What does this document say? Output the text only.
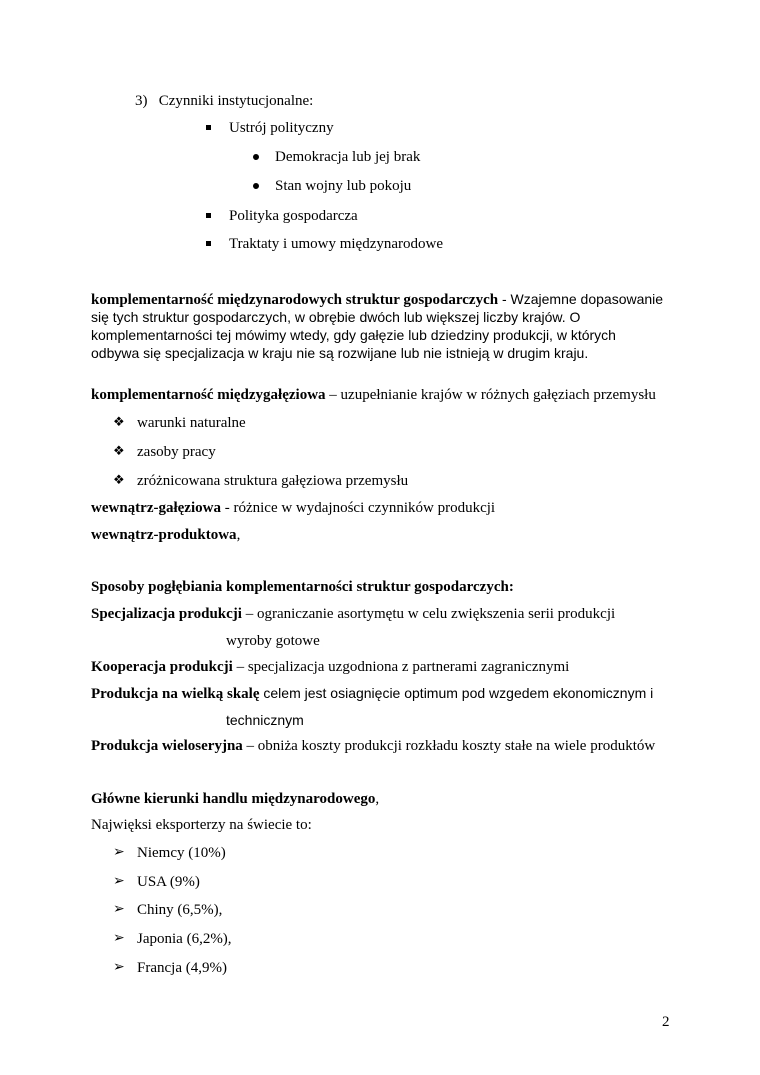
3) Czynniki instytucjonalne:
Ustrój polityczny
Demokracja lub jej brak
Stan wojny lub pokoju
Polityka gospodarcza
Traktaty i umowy międzynarodowe
komplementarność międzynarodowych struktur gospodarczych - Wzajemne dopasowanie
się tych struktur gospodarczych, w obrębie dwóch lub większej liczby krajów. O
komplementarności tej mówimy wtedy, gdy gałęzie lub dziedziny produkcji, w których
odbywa się specjalizacja w kraju nie są rozwijane lub nie istnieją w drugim kraju.
komplementarność międzygałęziowa – uzupełnianie krajów w różnych gałęziach przemysłu
❖ warunki naturalne
❖ zasoby pracy
❖ zróżnicowana struktura gałęziowa przemysłu
wewnątrz-gałęziowa - różnice w wydajności czynników produkcji
wewnątrz-produktowa,
Sposoby pogłębiania komplementarności struktur gospodarczych:
Specjalizacja produkcji – ograniczanie asortymętu w celu zwiększenia serii produkcji
wyroby gotowe
Kooperacja produkcji – specjalizacja uzgodniona z partnerami zagranicznymi
Produkcja na wielką skalę celem jest osiagnięcie optimum pod wzgedem ekonomicznym i
technicznym
Produkcja wieloseryjna – obniża koszty produkcji rozkładu koszty stałe na wiele produktów
Główne kierunki handlu międzynarodowego,
Najwięksi eksporterzy na świecie to:
➢ Niemcy (10%)
➢ USA (9%)
➢ Chiny (6,5%),
➢ Japonia (6,2%),
➢ Francja (4,9%)
2
